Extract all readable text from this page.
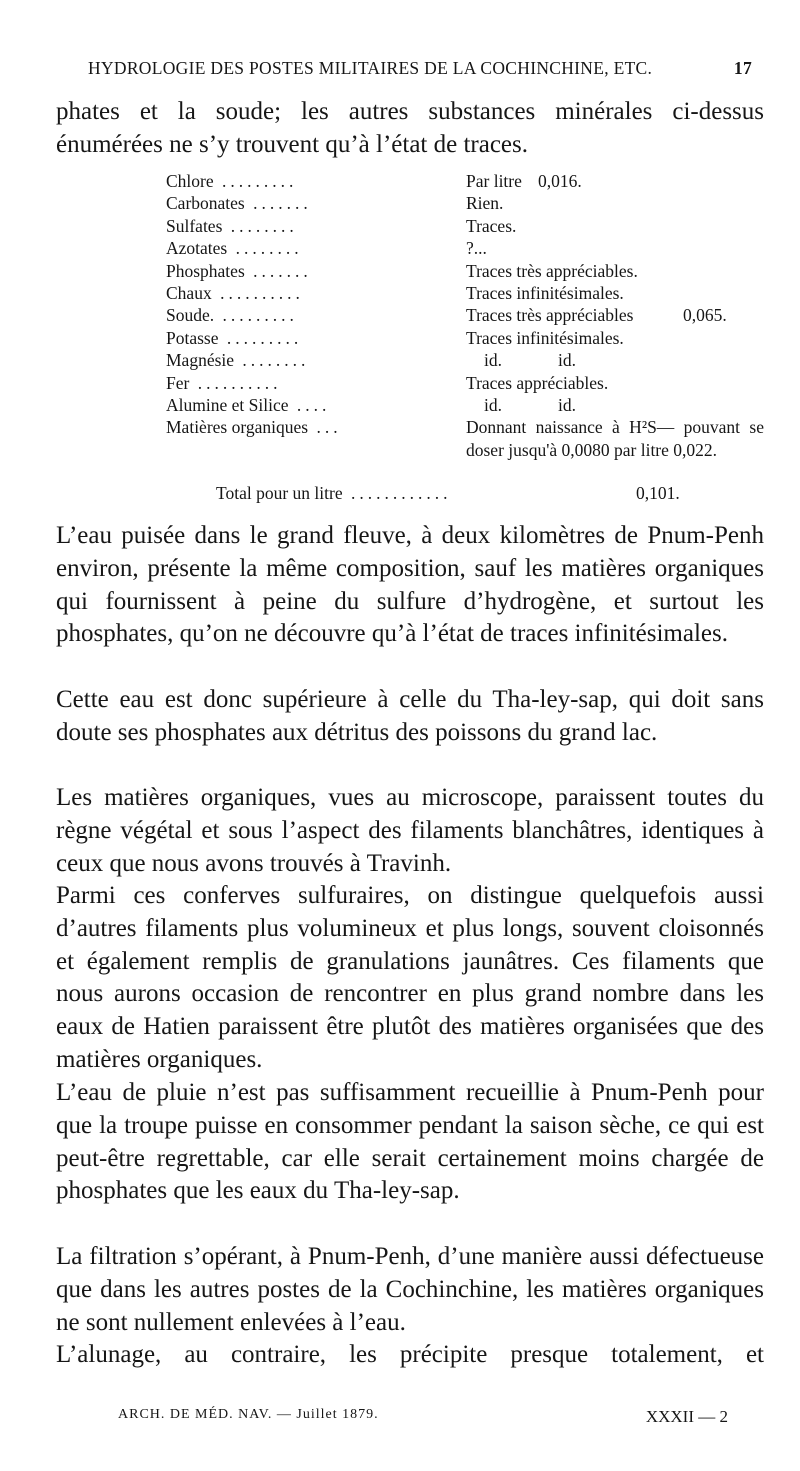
HYDROLOGIE DES POSTES MILITAIRES DE LA COCHINCHINE, ETC.	17

phates et la soude; les autres substances minérales ci-dessus énumérées ne s’y trouvent qu’à l’état de traces.

Chlore .........	Par litre 0,016.
Carbonates .......	Rien.
Sulfates ........	Traces.
Azotates ........	?...
Phosphates .......	Traces très appréciables.
Chaux ..........	Traces infinitésimales.
Soude. .........	Traces très appréciables	0,065.
Potasse .........	Traces infinitésimales.
Magnésie ........	id.	id.
Fer ..........	Traces appréciables.
Alumine et Silice ....	id.	id.
Matières organiques ...	Donnant naissance à H²S— pouvant se doser jusqu'à 0,0080 par litre 0,022.
Total pour un litre ............	0,101.

L’eau puisée dans le grand fleuve, à deux kilomètres de Pnum-Penh environ, présente la même composition, sauf les matières organiques qui fournissent à peine du sulfure d’hydrogène, et surtout les phosphates, qu’on ne découvre qu’à l’état de traces infinitésimales.

Cette eau est donc supérieure à celle du Tha-ley-sap, qui doit sans doute ses phosphates aux détritus des poissons du grand lac.

Les matières organiques, vues au microscope, paraissent toutes du règne végétal et sous l’aspect des filaments blanchâtres, identiques à ceux que nous avons trouvés à Travinh.

Parmi ces conferves sulfuraires, on distingue quelquefois aussi d’autres filaments plus volumineux et plus longs, souvent cloisonnés et également remplis de granulations jaunâtres. Ces filaments que nous aurons occasion de rencontrer en plus grand nombre dans les eaux de Hatien paraissent être plutôt des matières organisées que des matières organiques.

L’eau de pluie n’est pas suffisamment recueillie à Pnum-Penh pour que la troupe puisse en consommer pendant la saison sèche, ce qui est peut-être regrettable, car elle serait certainement moins chargée de phosphates que les eaux du Tha-ley-sap.

La filtration s’opérant, à Pnum-Penh, d’une manière aussi défectueuse que dans les autres postes de la Cochinchine, les matières organiques ne sont nullement enlevées à l’eau.

L’alunage, au contraire, les précipite presque totalement, et

ARCH. DE MÉD. NAV. — Juillet 1879.	XXXII — 2
